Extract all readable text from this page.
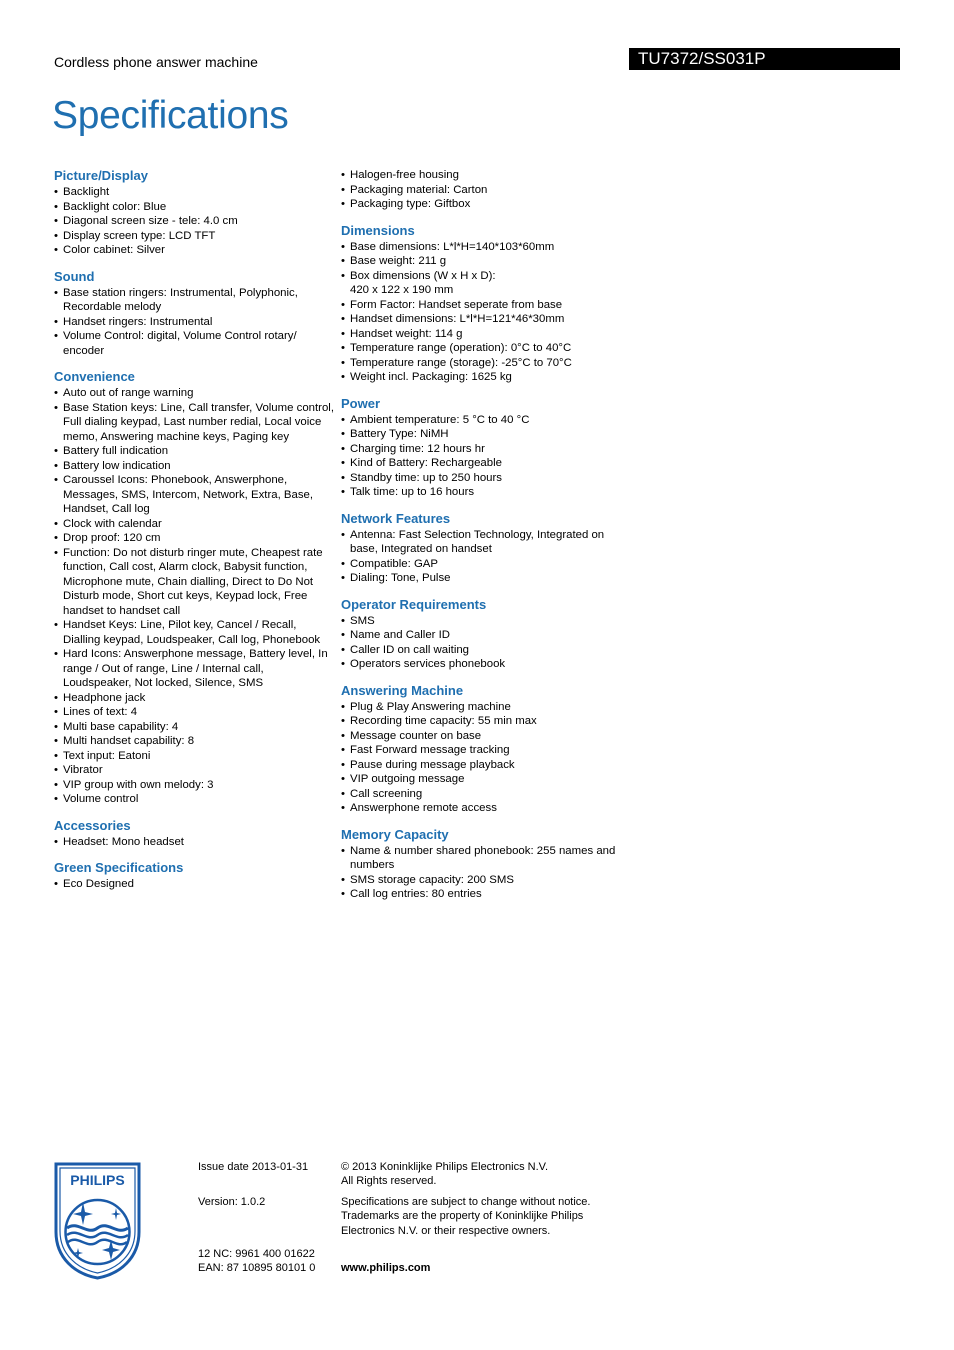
Cordless phone answer machine	TU7372/SS031P
Specifications
Picture/Display
• Backlight
• Backlight color: Blue
• Diagonal screen size - tele: 4.0 cm
• Display screen type: LCD TFT
• Color cabinet: Silver
Sound
• Base station ringers: Instrumental, Polyphonic, Recordable melody
• Handset ringers: Instrumental
• Volume Control: digital, Volume Control rotary/ encoder
Convenience
• Auto out of range warning
• Base Station keys: Line, Call transfer, Volume control, Full dialing keypad, Last number redial, Local voice memo, Answering machine keys, Paging key
• Battery full indication
• Battery low indication
• Caroussel Icons: Phonebook, Answerphone, Messages, SMS, Intercom, Network, Extra, Base, Handset, Call log
• Clock with calendar
• Drop proof: 120 cm
• Function: Do not disturb ringer mute, Cheapest rate function, Call cost, Alarm clock, Babysit function, Microphone mute, Chain dialling, Direct to Do Not Disturb mode, Short cut keys, Keypad lock, Free handset to handset call
• Handset Keys: Line, Pilot key, Cancel / Recall, Dialling keypad, Loudspeaker, Call log, Phonebook
• Hard Icons: Answerphone message, Battery level, In range / Out of range, Line / Internal call, Loudspeaker, Not locked, Silence, SMS
• Headphone jack
• Lines of text: 4
• Multi base capability: 4
• Multi handset capability: 8
• Text input: Eatoni
• Vibrator
• VIP group with own melody: 3
• Volume control
Accessories
• Headset: Mono headset
Green Specifications
• Eco Designed
• Halogen-free housing
• Packaging material: Carton
• Packaging type: Giftbox
Dimensions
• Base dimensions: L*l*H=140*103*60mm
• Base weight: 211 g
• Box dimensions (W x H x D):
420 x 122 x 190 mm
• Form Factor: Handset seperate from base
• Handset dimensions: L*l*H=121*46*30mm
• Handset weight: 114 g
• Temperature range (operation): 0°C to 40°C
• Temperature range (storage): -25°C to 70°C
• Weight incl. Packaging: 1625 kg
Power
• Ambient temperature: 5 °C to 40 °C
• Battery Type: NiMH
• Charging time: 12 hours hr
• Kind of Battery: Rechargeable
• Standby time: up to 250 hours
• Talk time: up to 16 hours
Network Features
• Antenna: Fast Selection Technology, Integrated on base, Integrated on handset
• Compatible: GAP
• Dialing: Tone, Pulse
Operator Requirements
• SMS
• Name and Caller ID
• Caller ID on call waiting
• Operators services phonebook
Answering Machine
• Plug & Play Answering machine
• Recording time capacity: 55 min max
• Message counter on base
• Fast Forward message tracking
• Pause during message playback
• VIP outgoing message
• Call screening
• Answerphone remote access
Memory Capacity
• Name & number shared phonebook: 255 names and numbers
• SMS storage capacity: 200 SMS
• Call log entries: 80 entries
PHILIPS
Issue date 2013-01-31
Version: 1.0.2
12 NC: 9961 400 01622
EAN: 87 10895 80101 0
© 2013 Koninklijke Philips Electronics N.V.
All Rights reserved.
Specifications are subject to change without notice.
Trademarks are the property of Koninklijke Philips
Electronics N.V. or their respective owners.
www.philips.com
